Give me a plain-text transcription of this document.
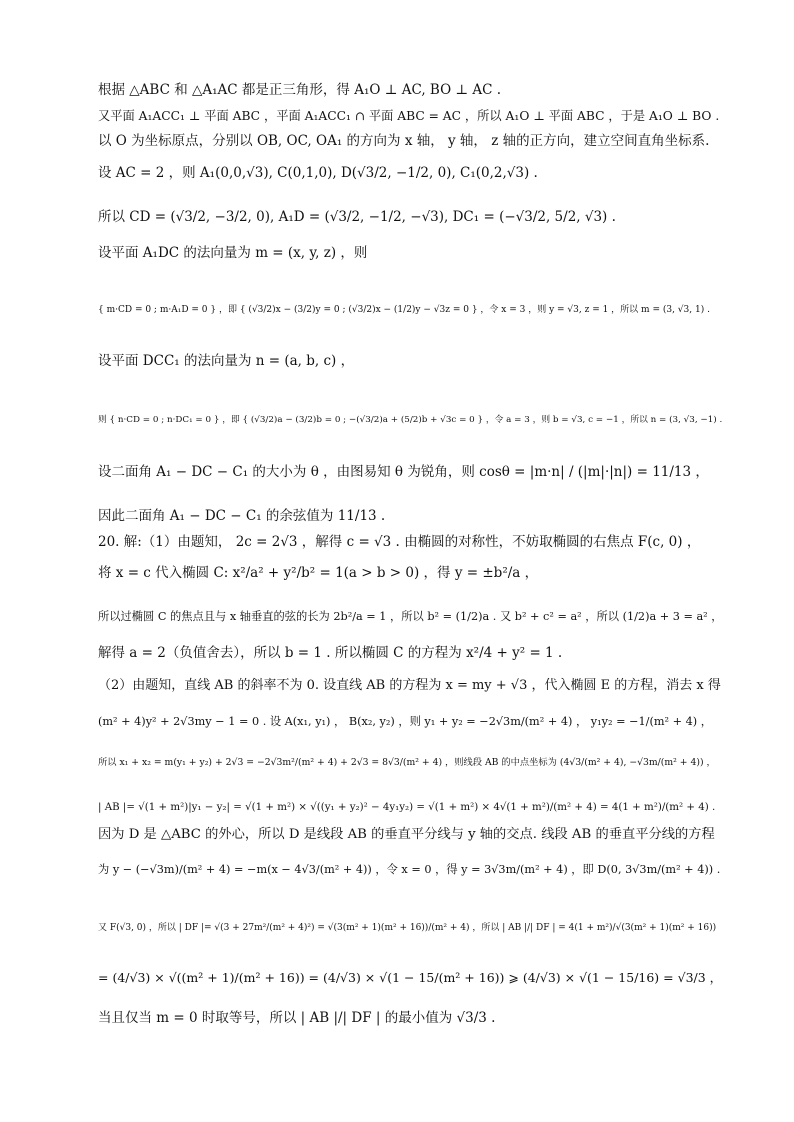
根据 △ABC 和 △A₁AC 都是正三角形，得 A₁O ⊥ AC, BO ⊥ AC .
又平面 A₁ACC₁ ⊥ 平面 ABC ，平面 A₁ACC₁ ∩ 平面 ABC = AC ，所以 A₁O ⊥ 平面 ABC ，于是 A₁O ⊥ BO .
以 O 为坐标原点，分别以 OB, OC, OA₁ 的方向为 x 轴， y 轴， z 轴的正方向，建立空间直角坐标系.
设 AC = 2 ，则 A₁(0,0,√3), C(0,1,0), D(√3/2, −1/2, 0), C₁(0,2,√3) .
所以 CD = (√3/2, −3/2, 0), A₁D = (√3/2, −1/2, −√3), DC₁ = (−√3/2, 5/2, √3) .
设平面 A₁DC 的法向量为 m = (x, y, z) ，则
{ m·CD = 0 ; m·A₁D = 0 } ，即 { (√3/2)x − (3/2)y = 0 ; (√3/2)x − (1/2)y − √3z = 0 } ，令 x = 3 ，则 y = √3, z = 1 ，所以 m = (3, √3, 1) .
设平面 DCC₁ 的法向量为 n = (a, b, c) ，
则 { n·CD = 0 ; n·DC₁ = 0 } ，即 { (√3/2)a − (3/2)b = 0 ; −(√3/2)a + (5/2)b + √3c = 0 } ，令 a = 3 ，则 b = √3, c = −1 ，所以 n = (3, √3, −1) .
设二面角 A₁ − DC − C₁ 的大小为 θ ，由图易知 θ 为锐角，则 cosθ = |m·n| / (|m|·|n|) = 11/13 ，
因此二面角 A₁ − DC − C₁ 的余弦值为 11/13 .
20. 解:（1）由题知， 2c = 2√3 ，解得 c = √3 . 由椭圆的对称性，不妨取椭圆的右焦点 F(c, 0) ，
将 x = c 代入椭圆 C: x²/a² + y²/b² = 1(a > b > 0) ，得 y = ±b²/a ，
所以过椭圆 C 的焦点且与 x 轴垂直的弦的长为 2b²/a = 1 ，所以 b² = (1/2)a . 又 b² + c² = a² ，所以 (1/2)a + 3 = a² ，
解得 a = 2（负值舍去），所以 b = 1 . 所以椭圆 C 的方程为 x²/4 + y² = 1 .
（2）由题知，直线 AB 的斜率不为 0. 设直线 AB 的方程为 x = my + √3 ，代入椭圆 E 的方程，消去 x 得
(m² + 4)y² + 2√3my − 1 = 0 . 设 A(x₁, y₁) ， B(x₂, y₂) ，则 y₁ + y₂ = −2√3m/(m² + 4) ， y₁y₂ = −1/(m² + 4) ，
所以 x₁ + x₂ = m(y₁ + y₂) + 2√3 = −2√3m²/(m² + 4) + 2√3 = 8√3/(m² + 4) ，则线段 AB 的中点坐标为 (4√3/(m² + 4), −√3m/(m² + 4)) ，
| AB |= √(1 + m²)|y₁ − y₂| = √(1 + m²) × √((y₁ + y₂)² − 4y₁y₂) = √(1 + m²) × 4√(1 + m²)/(m² + 4) = 4(1 + m²)/(m² + 4) .
因为 D 是 △ABC 的外心，所以 D 是线段 AB 的垂直平分线与 y 轴的交点. 线段 AB 的垂直平分线的方程
为 y − (−√3m)/(m² + 4) = −m(x − 4√3/(m² + 4)) ，令 x = 0 ，得 y = 3√3m/(m² + 4) ，即 D(0, 3√3m/(m² + 4)) .
又 F(√3, 0) ，所以 | DF |= √(3 + 27m²/(m² + 4)²) = √(3(m² + 1)(m² + 16))/(m² + 4) ，所以 | AB |/| DF | = 4(1 + m²)/√(3(m² + 1)(m² + 16))
= (4/√3) × √((m² + 1)/(m² + 16)) = (4/√3) × √(1 − 15/(m² + 16)) ⩾ (4/√3) × √(1 − 15/16) = √3/3 ，
当且仅当 m = 0 时取等号，所以 | AB |/| DF | 的最小值为 √3/3 .
